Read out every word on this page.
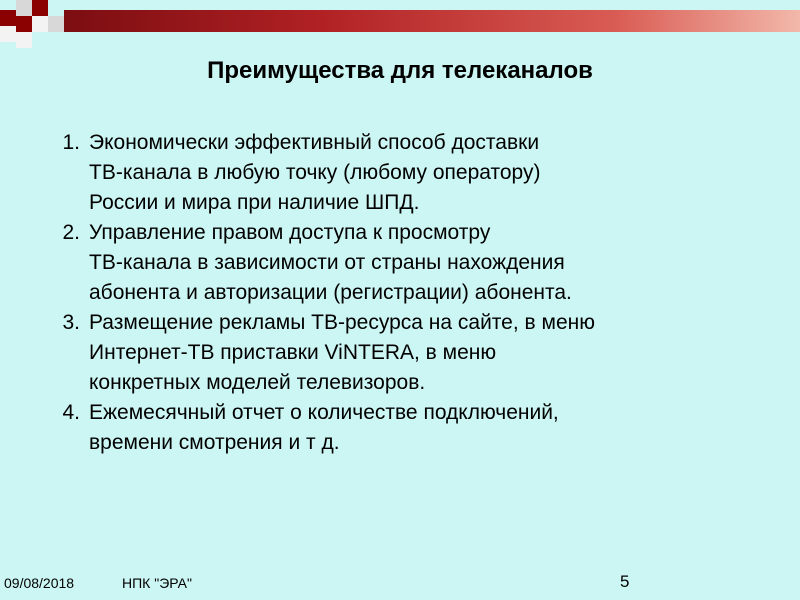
Преимущества для телеканалов
1. Экономически эффективный способ доставки
ТВ-канала в любую точку (любому оператору)
России и мира при наличие ШПД.
2. Управление правом доступа к просмотру
ТВ-канала в зависимости от страны нахождения
абонента и авторизации (регистрации) абонента.
3. Размещение рекламы ТВ-ресурса на сайте, в меню
Интернет-ТВ приставки ViNTERA, в меню
конкретных моделей телевизоров.
4. Ежемесячный отчет о количестве подключений,
времени смотрения и т д.
09/08/2018	НПК "ЭРА"	5
